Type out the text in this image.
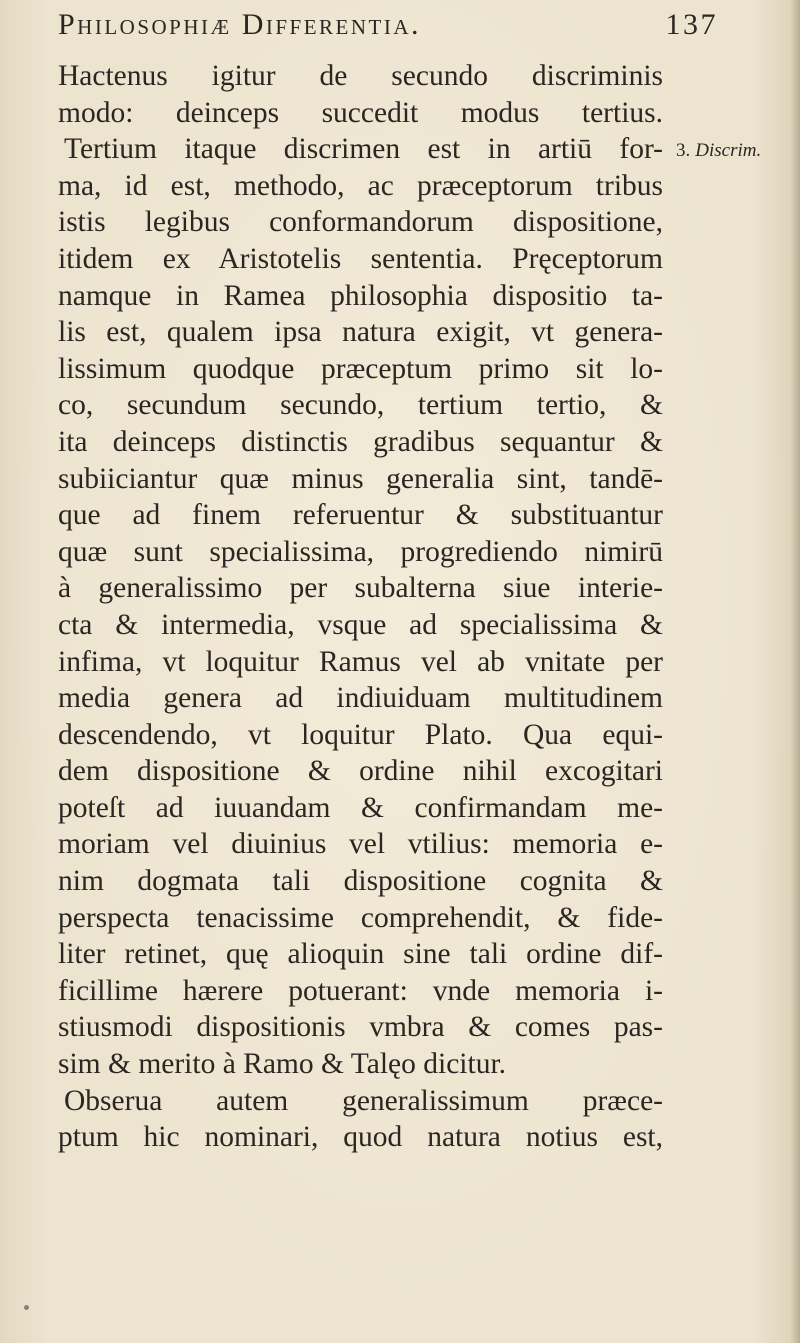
Philosophiæ Differentia.	137
3. Discrim.
Hactenus igitur de secundo discriminis
modo: deinceps succedit modus tertius.
Tertium itaque discrimen est in artiū for-
ma, id est, methodo, ac præceptorum tribus
istis legibus conformandorum dispositione,
itidem ex Aristotelis sententia. Pręceptorum
namque in Ramea philosophia dispositio ta-
lis est, qualem ipsa natura exigit, vt genera-
lissimum quodque præceptum primo sit lo-
co, secundum secundo, tertium tertio, &
ita deinceps distinctis gradibus sequantur &
subiiciantur quæ minus generalia sint, tandē-
que ad finem referuentur & substituantur
quæ sunt specialissima, progrediendo nimirū
à generalissimo per subalterna siue interie-
cta & intermedia, vsque ad specialissima &
infima, vt loquitur Ramus vel ab vnitate per
media genera ad indiuiduam multitudinem
descendendo, vt loquitur Plato. Qua equi-
dem dispositione & ordine nihil excogitari
poteſt ad iuuandam & confirmandam me-
moriam vel diuinius vel vtilius: memoria e-
nim dogmata tali dispositione cognita &
perspecta tenacissime comprehendit, & fide-
liter retinet, quę alioquin sine tali ordine dif-
ficillime hærere potuerant: vnde memoria i-
stiusmodi dispositionis vmbra & comes pas-
sim & merito à Ramo & Talęo dicitur.
Obserua autem generalissimum præce-
ptum hic nominari, quod natura notius est,
